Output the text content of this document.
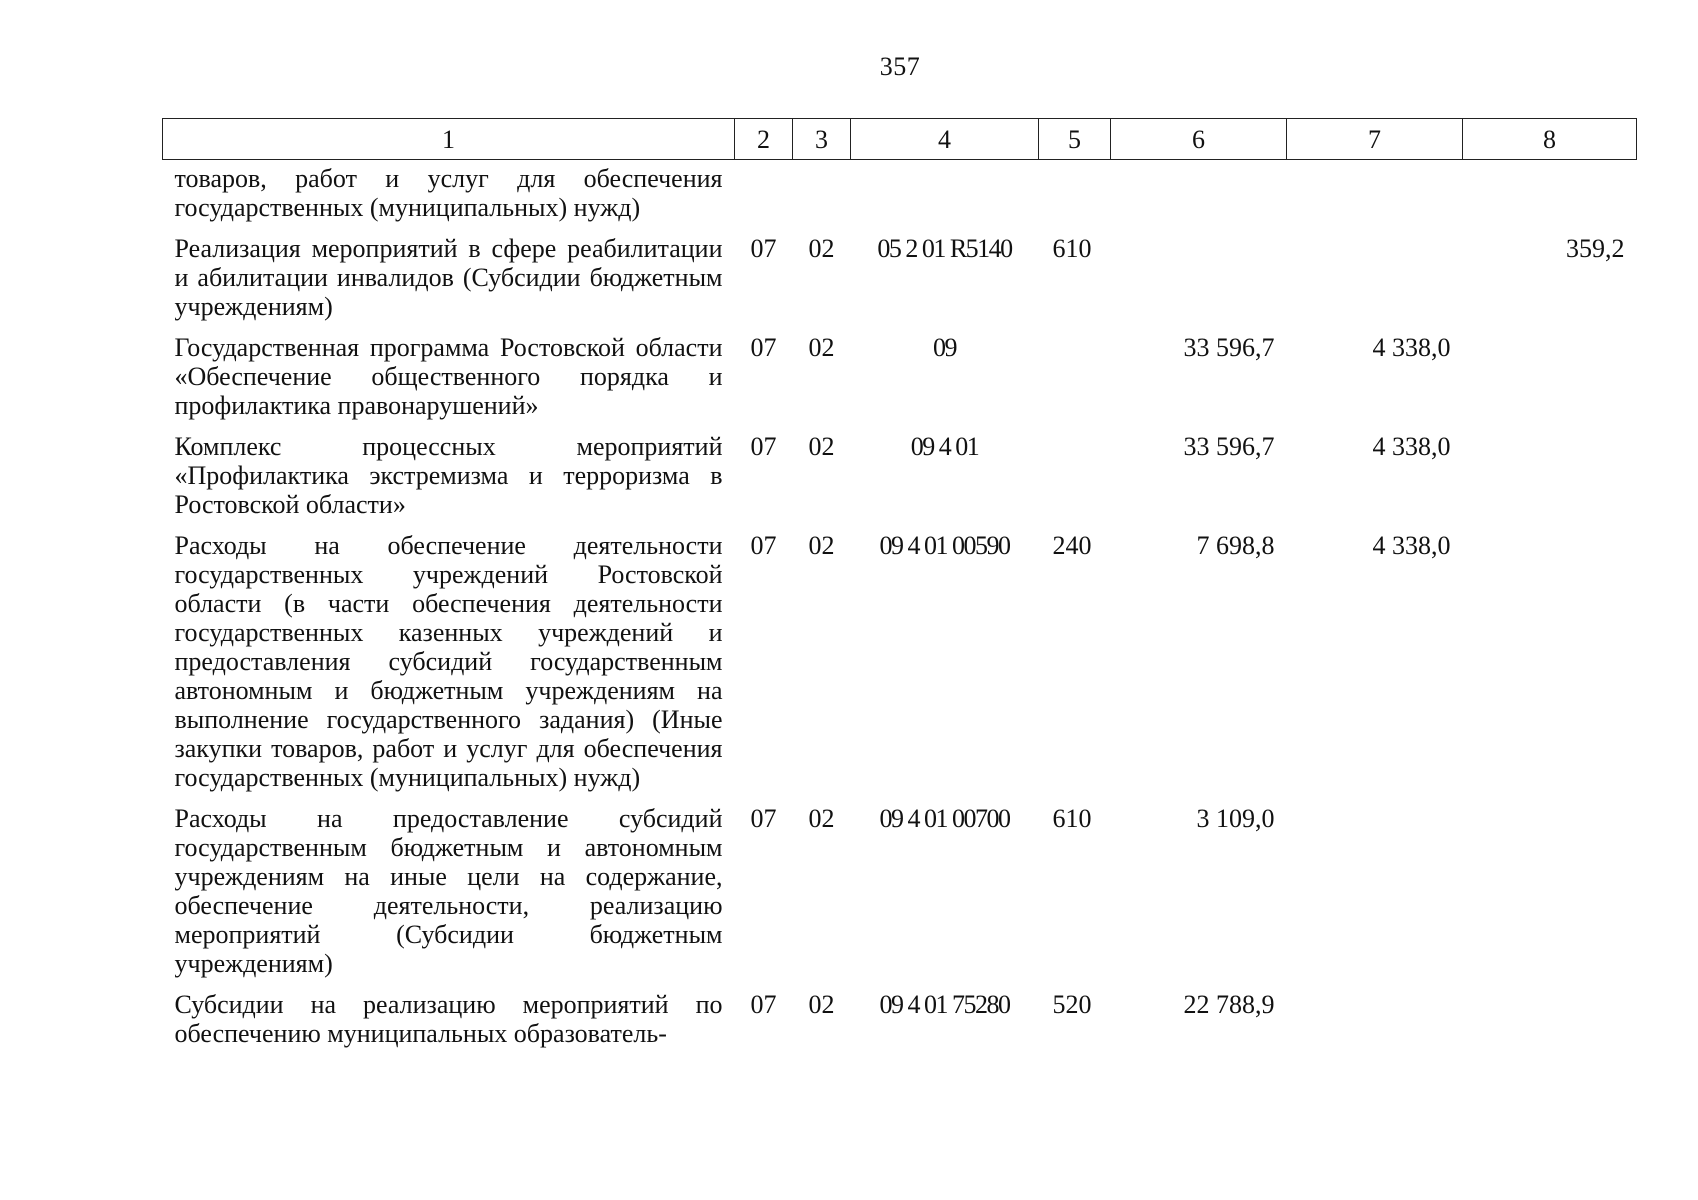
357
1	2	3	4	5	6	7	8
товаров, работ и услуг для обеспечения государственных (муниципальных) нужд)							
Реализация мероприятий в сфере реабилитации и абилитации инвалидов (Субсидии бюджетным учреждениям)	07	02	05 2 01 R5140	610			359,2
Государственная программа Ростовской области «Обеспечение общественного порядка и профилактика правонарушений»	07	02	09		33 596,7	4 338,0	
Комплекс процессных мероприятий «Профилактика экстремизма и терроризма в Ростовской области»	07	02	09 4 01		33 596,7	4 338,0	
Расходы на обеспечение деятельности государственных учреждений Ростовской области (в части обеспечения деятельности государственных казенных учреждений и предоставления субсидий государственным автономным и бюджетным учреждениям на выполнение государственного задания) (Иные закупки товаров, работ и услуг для обеспечения государственных (муниципальных) нужд)	07	02	09 4 01 00590	240	7 698,8	4 338,0	
Расходы на предоставление субсидий государственным бюджетным и автономным учреждениям на иные цели на содержание, обеспечение деятельности, реализацию мероприятий (Субсидии бюджетным учреждениям)	07	02	09 4 01 00700	610	3 109,0		
Субсидии на реализацию мероприятий по обеспечению муниципальных образователь-	07	02	09 4 01 75280	520	22 788,9		
